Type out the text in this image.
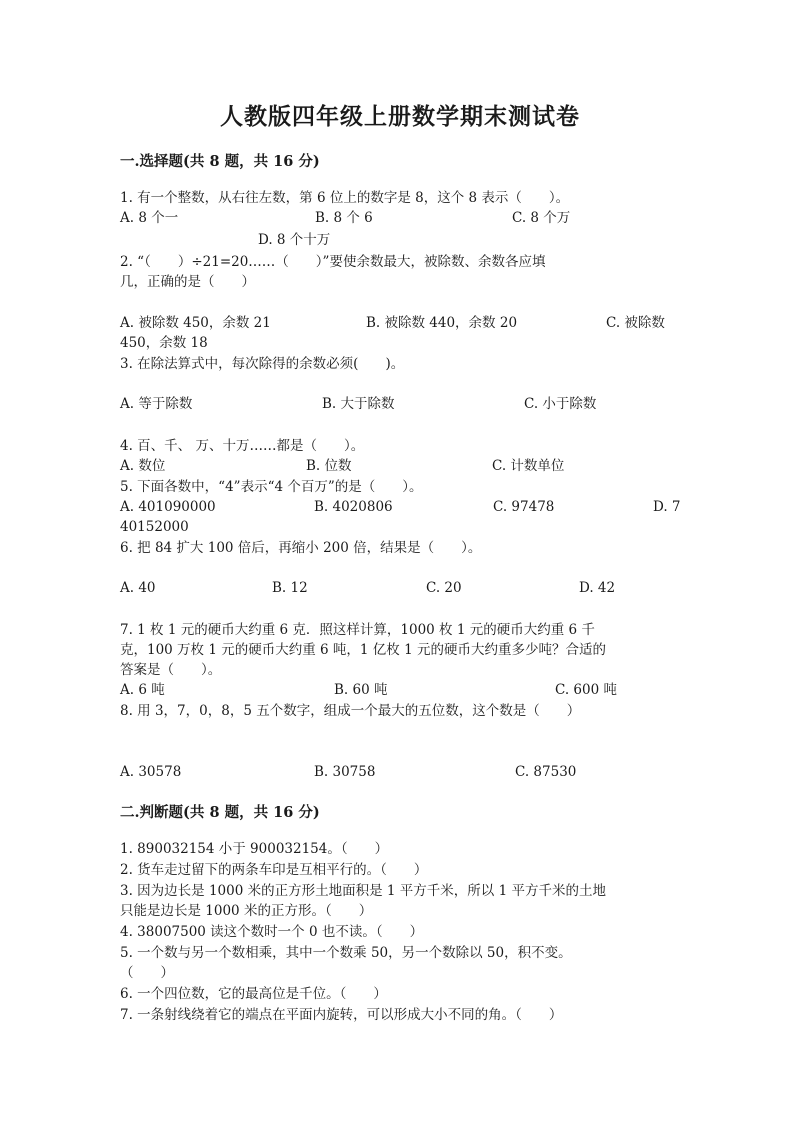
人教版四年级上册数学期末测试卷
一.选择题(共 8 题，共 16 分)
1. 有一个整数，从右往左数，第 6 位上的数字是 8，这个 8 表示（　　）。
A. 8 个一	B. 8 个 6	C. 8 个万
D. 8 个十万
2. “（　　）÷21=20……（　　）”要使余数最大，被除数、余数各应填
几，正确的是（　　）
A. 被除数 450，余数 21	B. 被除数 440，余数 20	C. 被除数
450，余数 18
3. 在除法算式中，每次除得的余数必须(　　)。
A. 等于除数	B. 大于除数	C. 小于除数
4. 百、千、 万、十万……都是（　　）。
A. 数位	B. 位数	C. 计数单位
5. 下面各数中，“4”表示“4 个百万”的是（　　）。
A. 401090000	B. 4020806	C. 97478	D. 7
40152000
6. 把 84 扩大 100 倍后，再缩小 200 倍，结果是（　　）。
A. 40	B. 12	C. 20	D. 42
7. 1 枚 1 元的硬币大约重 6 克．照这样计算，1000 枚 1 元的硬币大约重 6 千
克，100 万枚 1 元的硬币大约重 6 吨，1 亿枚 1 元的硬币大约重多少吨？合适的
答案是（　　）。
A. 6 吨	B. 60 吨	C. 600 吨
8. 用 3，7，0，8，5 五个数字，组成一个最大的五位数，这个数是（　　）
A. 30578	B. 30758	C. 87530
二.判断题(共 8 题，共 16 分)
1. 890032154 小于 900032154。（　　）
2. 货车走过留下的两条车印是互相平行的。（　　）
3. 因为边长是 1000 米的正方形土地面积是 1 平方千米，所以 1 平方千米的土地
只能是边长是 1000 米的正方形。（　　）
4. 38007500 读这个数时一个 0 也不读。（　　）
5. 一个数与另一个数相乘，其中一个数乘 50，另一个数除以 50，积不变。
（　　）
6. 一个四位数，它的最高位是千位。（　　）
7. 一条射线绕着它的端点在平面内旋转，可以形成大小不同的角。（　　）
